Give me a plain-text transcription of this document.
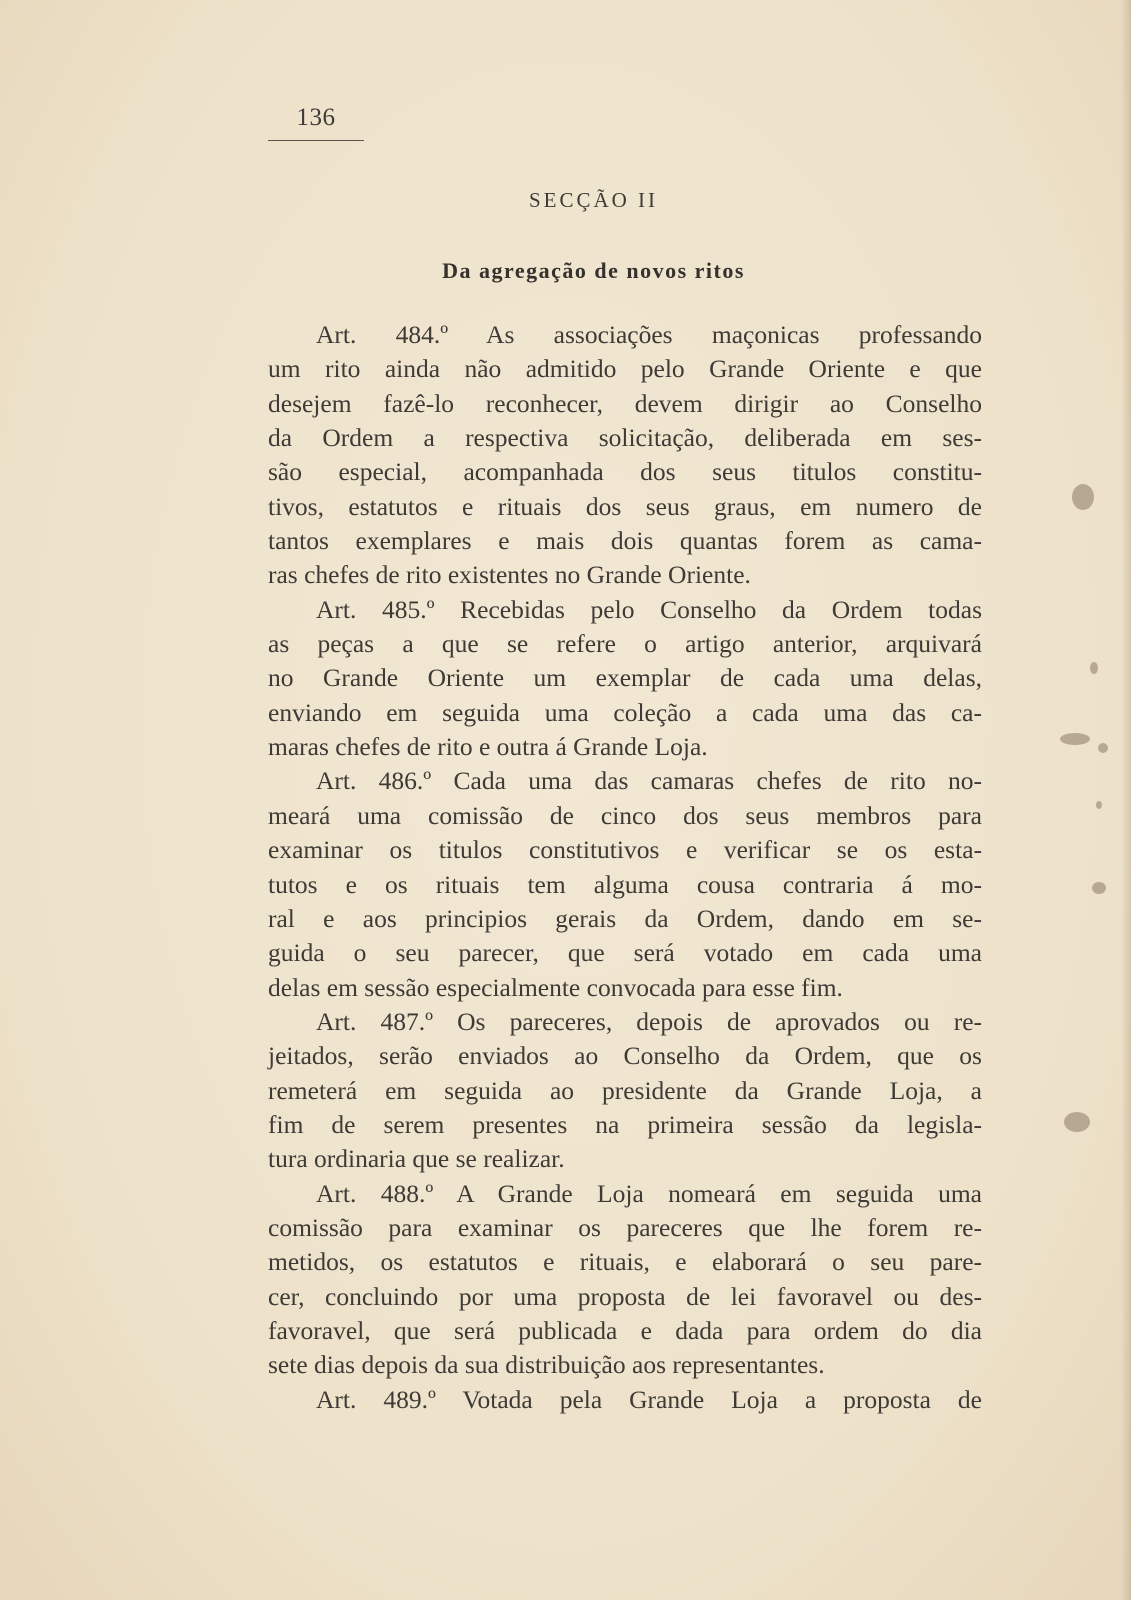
136
SECÇÃO II
Da agregação de novos ritos
Art. 484.º As associações maçonicas professando
um rito ainda não admitido pelo Grande Oriente e que
desejem fazê-lo reconhecer, devem dirigir ao Conselho
da Ordem a respectiva solicitação, deliberada em ses-
são especial, acompanhada dos seus titulos constitu-
tivos, estatutos e rituais dos seus graus, em numero de
tantos exemplares e mais dois quantas forem as cama-
ras chefes de rito existentes no Grande Oriente.
Art. 485.º Recebidas pelo Conselho da Ordem todas
as peças a que se refere o artigo anterior, arquivará
no Grande Oriente um exemplar de cada uma delas,
enviando em seguida uma coleção a cada uma das ca-
maras chefes de rito e outra á Grande Loja.
Art. 486.º Cada uma das camaras chefes de rito no-
meará uma comissão de cinco dos seus membros para
examinar os titulos constitutivos e verificar se os esta-
tutos e os rituais tem alguma cousa contraria á mo-
ral e aos principios gerais da Ordem, dando em se-
guida o seu parecer, que será votado em cada uma
delas em sessão especialmente convocada para esse fim.
Art. 487.º Os pareceres, depois de aprovados ou re-
jeitados, serão enviados ao Conselho da Ordem, que os
remeterá em seguida ao presidente da Grande Loja, a
fim de serem presentes na primeira sessão da legisla-
tura ordinaria que se realizar.
Art. 488.º A Grande Loja nomeará em seguida uma
comissão para examinar os pareceres que lhe forem re-
metidos, os estatutos e rituais, e elaborará o seu pare-
cer, concluindo por uma proposta de lei favoravel ou des-
favoravel, que será publicada e dada para ordem do dia
sete dias depois da sua distribuição aos representantes.
Art. 489.º Votada pela Grande Loja a proposta de
